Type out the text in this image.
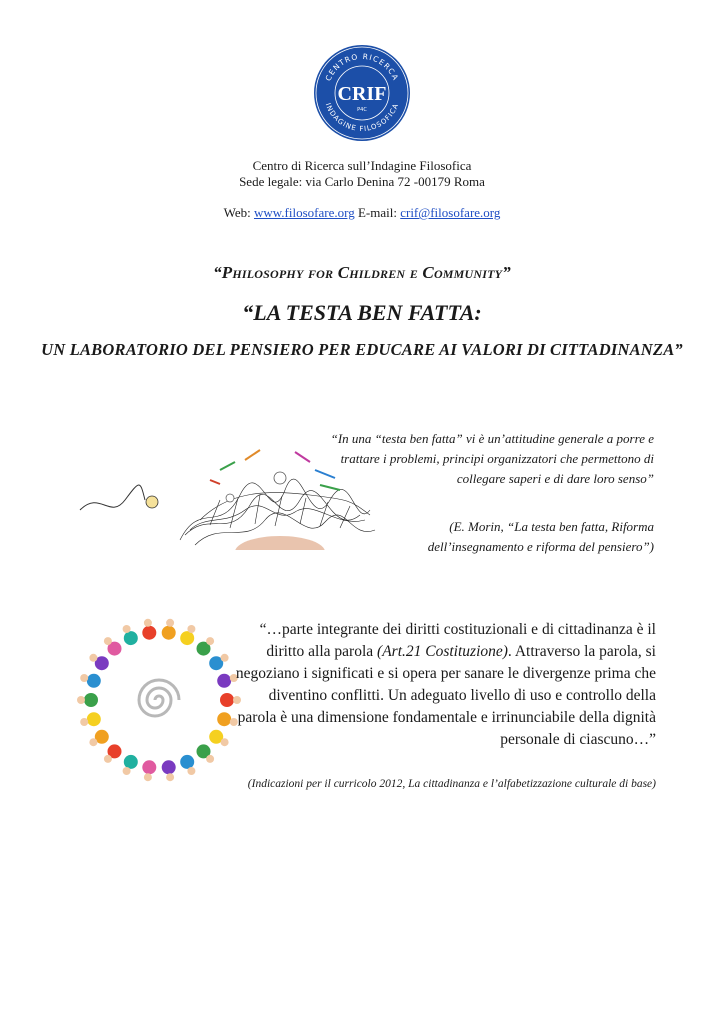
CENTRO RICERCA
INDAGINE FILOSOFICA
CRIF
P4C
Centro di Ricerca sull’Indagine Filosofica
Sede legale: via Carlo Denina 72 -00179 Roma
Web: www.filosofare.org E-mail: crif@filosofare.org
“Philosophy for Children e Community”
“LA TESTA BEN FATTA:
UN LABORATORIO DEL PENSIERO PER EDUCARE AI VALORI DI CITTADINANZA”
“In una “testa ben fatta” vi è un’attitudine generale a porre e trattare i problemi, principi organizzatori che permettono di collegare saperi e di dare loro senso”
(E. Morin, “La testa ben fatta, Riforma dell’insegnamento e riforma del pensiero”)
“…parte integrante dei diritti costituzionali e di cittadinanza è il diritto alla parola (Art.21 Costituzione). Attraverso la parola, si negoziano i significati e si opera per sanare le divergenze prima che diventino conflitti. Un adeguato livello di uso e controllo della parola è una dimensione fondamentale e irrinunciabile della dignità personale di ciascuno…”
(Indicazioni per il curricolo 2012, La cittadinanza e l’alfabetizzazione culturale di base)
